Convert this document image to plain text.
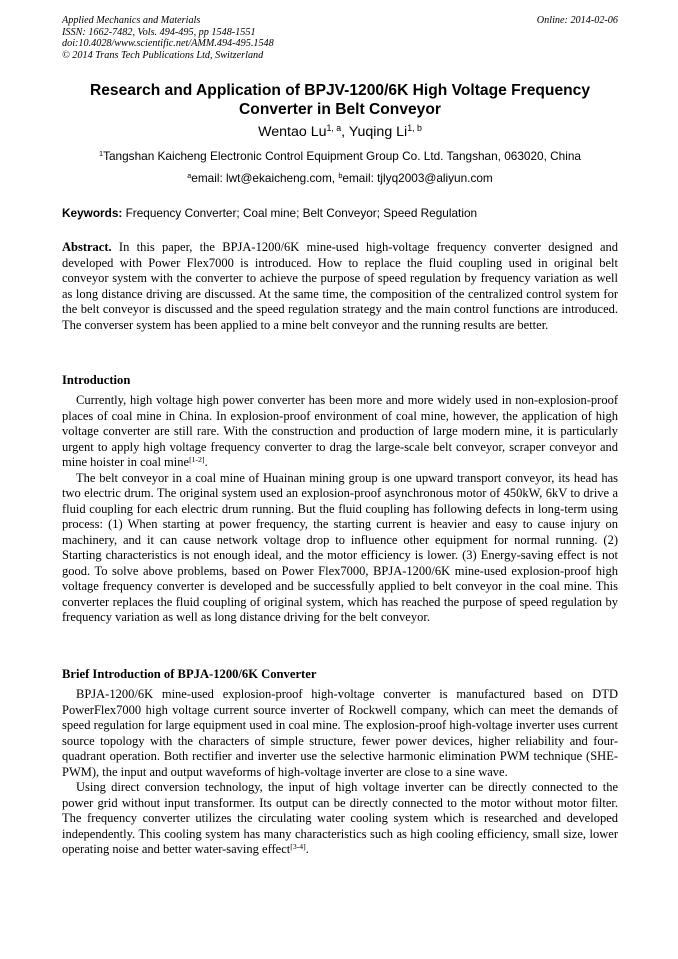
Applied Mechanics and Materials
ISSN: 1662-7482, Vols. 494-495, pp 1548-1551
doi:10.4028/www.scientific.net/AMM.494-495.1548
© 2014 Trans Tech Publications Ltd, Switzerland
Online: 2014-02-06
Research and Application of BPJV-1200/6K High Voltage Frequency Converter in Belt Conveyor
Wentao Lu$^{1, a}$, Yuqing Li$^{1, b}$
$^1$Tangshan Kaicheng Electronic Control Equipment Group Co. Ltd. Tangshan, 063020, China
$^a$email: lwt@ekaicheng.com, $^b$email: tjlyq2003@aliyun.com
Keywords: Frequency Converter; Coal mine; Belt Conveyor; Speed Regulation

Abstract. In this paper, the BPJA-1200/6K mine-used high-voltage frequency converter designed and developed with Power Flex7000 is introduced. How to replace the fluid coupling used in original belt conveyor system with the converter to achieve the purpose of speed regulation by frequency variation as well as long distance driving are discussed. At the same time, the composition of the centralized control system for the belt conveyor is discussed and the speed regulation strategy and the main control functions are introduced. The converser system has been applied to a mine belt conveyor and the running results are better.

Introduction

Currently, high voltage high power converter has been more and more widely used in non-explosion-proof places of coal mine in China. In explosion-proof environment of coal mine, however, the application of high voltage converter are still rare. With the construction and production of large modern mine, it is particularly urgent to apply high voltage frequency converter to drag the large-scale belt conveyor, scraper conveyor and mine hoister in coal mine[1-2].

The belt conveyor in a coal mine of Huainan mining group is one upward transport conveyor, its head has two electric drum. The original system used an explosion-proof asynchronous motor of 450kW, 6kV to drive a fluid coupling for each electric drum running. But the fluid coupling has following defects in long-term using process: (1) When starting at power frequency, the starting current is heavier and easy to cause injury on machinery, and it can cause network voltage drop to influence other equipment for normal running. (2) Starting characteristics is not enough ideal, and the motor efficiency is lower. (3) Energy-saving effect is not good. To solve above problems, based on Power Flex7000, BPJA-1200/6K mine-used explosion-proof high voltage frequency converter is developed and be successfully applied to belt conveyor in the coal mine. This converter replaces the fluid coupling of original system, which has reached the purpose of speed regulation by frequency variation as well as long distance driving for the belt conveyor.

Brief Introduction of BPJA-1200/6K Converter

BPJA-1200/6K mine-used explosion-proof high-voltage converter is manufactured based on DTD PowerFlex7000 high voltage current source inverter of Rockwell company, which can meet the demands of speed regulation for large equipment used in coal mine. The explosion-proof high-voltage inverter uses current source topology with the characters of simple structure, fewer power devices, higher reliability and four-quadrant operation. Both rectifier and inverter use the selective harmonic elimination PWM technique (SHE-PWM), the input and output waveforms of high-voltage inverter are close to a sine wave.

Using direct conversion technology, the input of high voltage inverter can be directly connected to the power grid without input transformer. Its output can be directly connected to the motor without motor filter. The frequency converter utilizes the circulating water cooling system which is researched and developed independently. This cooling system has many characteristics such as high cooling efficiency, small size, lower operating noise and better water-saving effect[3-4].
